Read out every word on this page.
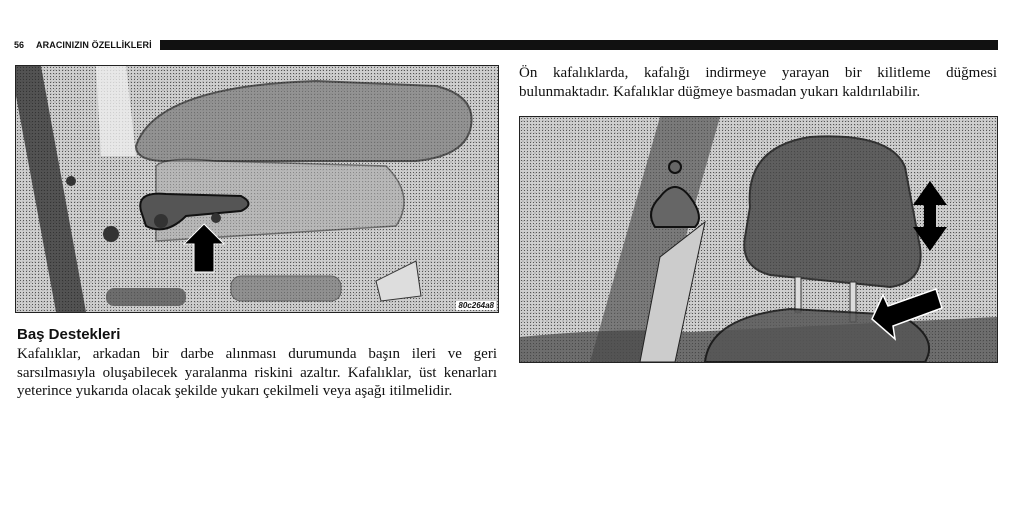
56 ARACINIZIN ÖZELLİKLERİ
80c264a8
Baş Destekleri
Kafalıklar, arkadan bir darbe alınması durumunda başın ileri ve geri sarsılmasıyla oluşabilecek yaralanma riskini azaltır. Kafalıklar, üst kenarları yeterince yukarıda olacak şekilde yukarı çekilmeli veya aşağı itilmelidir.
Ön kafalıklarda, kafalığı indirmeye yarayan bir kilitleme düğmesi bulunmaktadır. Kafalıklar düğmeye basmadan yukarı kaldırılabilir.
